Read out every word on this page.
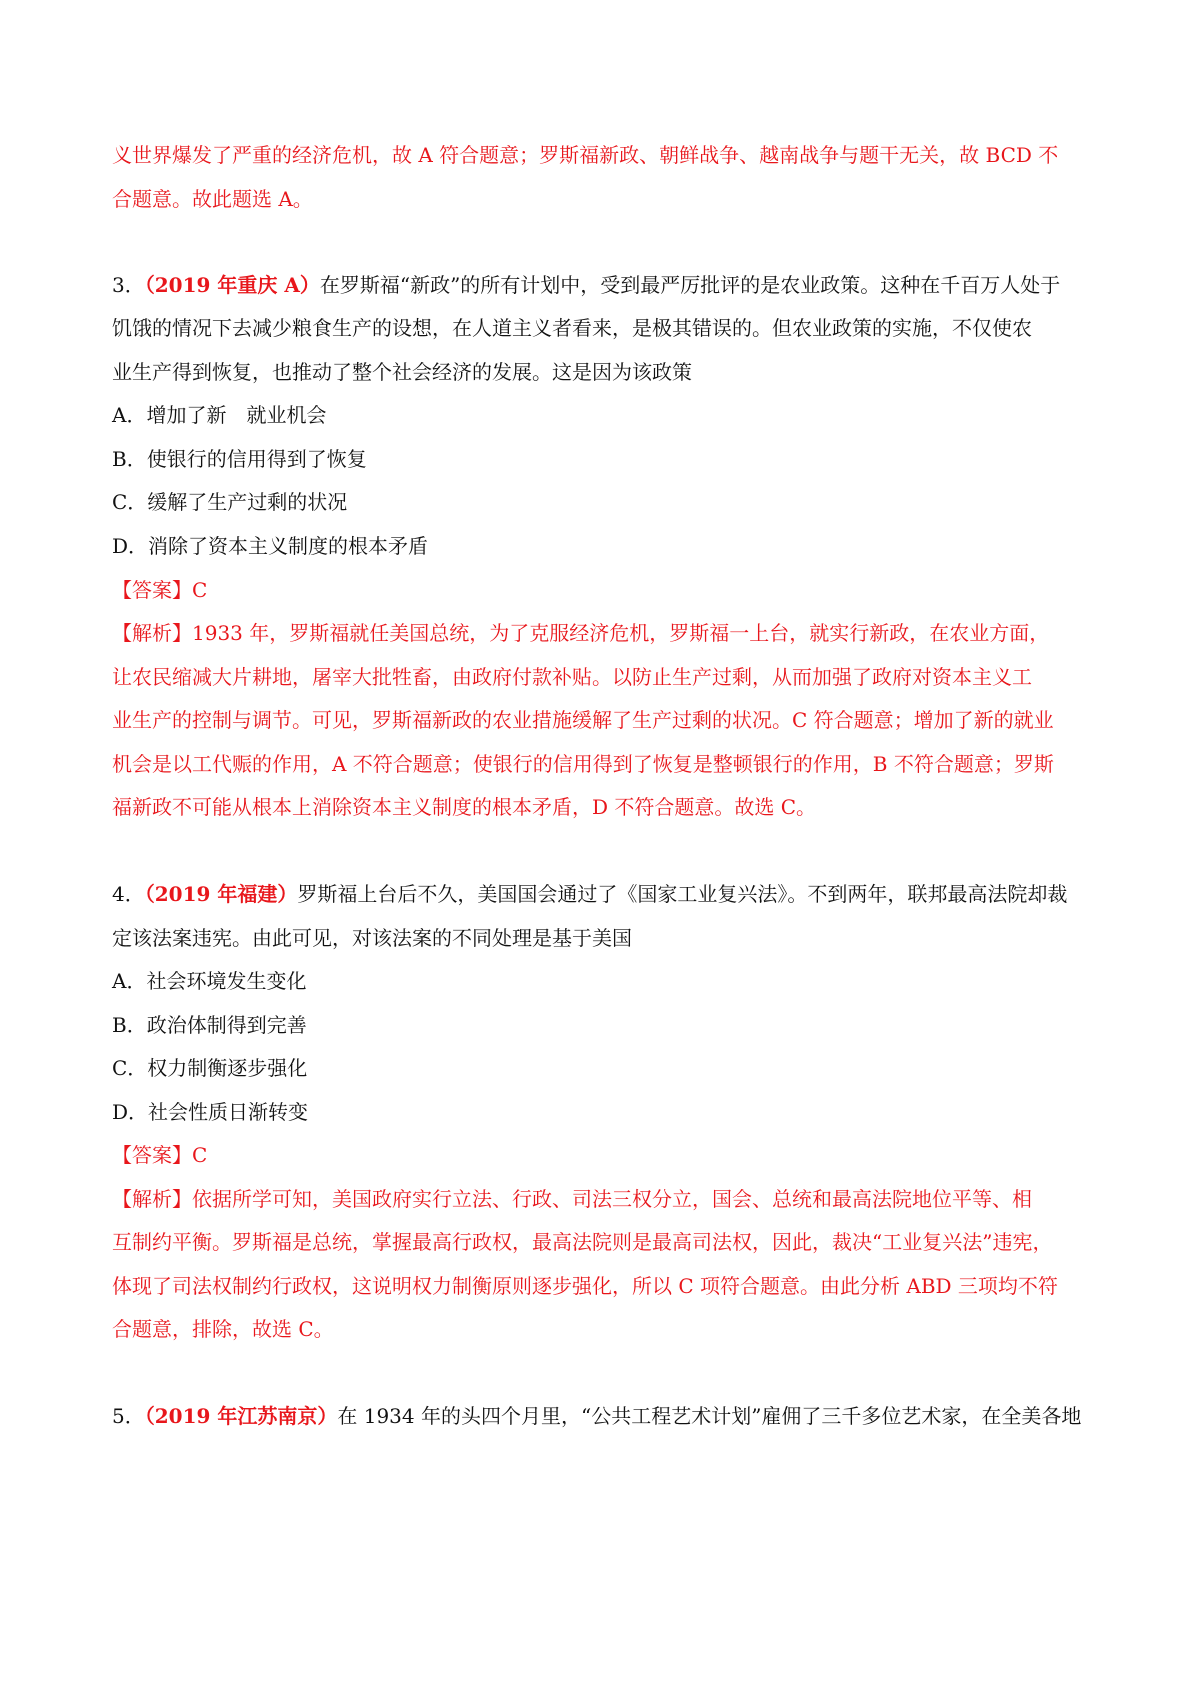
义世界爆发了严重的经济危机，故 A 符合题意；罗斯福新政、朝鲜战争、越南战争与题干无关，故 BCD 不
合题意。故此题选 A。
3．（2019 年重庆 A）在罗斯福“新政”的所有计划中，受到最严厉批评的是农业政策。这种在千百万人处于
饥饿的情况下去减少粮食生产的设想，在人道主义者看来，是极其错误的。但农业政策的实施，不仅使农
业生产得到恢复，也推动了整个社会经济的发展。这是因为该政策
A．增加了新　就业机会
B．使银行的信用得到了恢复
C．缓解了生产过剩的状况
D．消除了资本主义制度的根本矛盾
【答案】C
【解析】1933 年，罗斯福就任美国总统，为了克服经济危机，罗斯福一上台，就实行新政，在农业方面，
让农民缩减大片耕地，屠宰大批牲畜，由政府付款补贴。以防止生产过剩，从而加强了政府对资本主义工
业生产的控制与调节。可见，罗斯福新政的农业措施缓解了生产过剩的状况。C 符合题意；增加了新的就业
机会是以工代赈的作用，A 不符合题意；使银行的信用得到了恢复是整顿银行的作用，B 不符合题意；罗斯
福新政不可能从根本上消除资本主义制度的根本矛盾，D 不符合题意。故选 C。
4．（2019 年福建）罗斯福上台后不久，美国国会通过了《国家工业复兴法》。不到两年，联邦最高法院却裁
定该法案违宪。由此可见，对该法案的不同处理是基于美国
A．社会环境发生变化
B．政治体制得到完善
C．权力制衡逐步强化
D．社会性质日渐转变
【答案】C
【解析】依据所学可知，美国政府实行立法、行政、司法三权分立，国会、总统和最高法院地位平等、相
互制约平衡。罗斯福是总统，掌握最高行政权，最高法院则是最高司法权，因此，裁决“工业复兴法”违宪，
体现了司法权制约行政权，这说明权力制衡原则逐步强化，所以 C 项符合题意。由此分析 ABD 三项均不符
合题意，排除，故选 C。
5．（2019 年江苏南京）在 1934 年的头四个月里，“公共工程艺术计划”雇佣了三千多位艺术家，在全美各地
